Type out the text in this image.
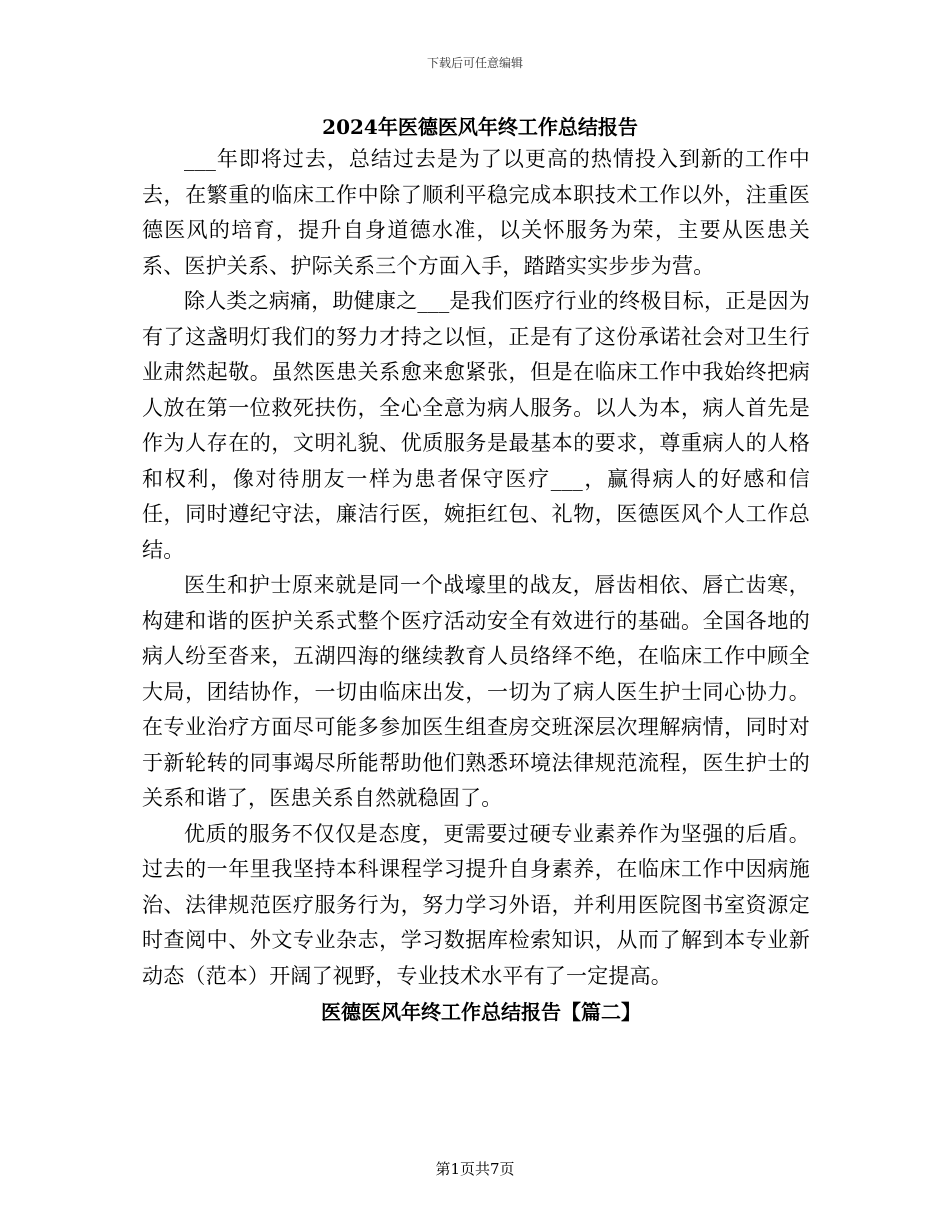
下载后可任意编辑
2024年医德医风年终工作总结报告

___年即将过去，总结过去是为了以更高的热情投入到新的工作中去，在繁重的临床工作中除了顺利平稳完成本职技术工作以外，注重医德医风的培育，提升自身道德水准，以关怀服务为荣，主要从医患关系、医护关系、护际关系三个方面入手，踏踏实实步步为营。

除人类之病痛，助健康之___是我们医疗行业的终极目标，正是因为有了这盏明灯我们的努力才持之以恒，正是有了这份承诺社会对卫生行业肃然起敬。虽然医患关系愈来愈紧张，但是在临床工作中我始终把病人放在第一位救死扶伤，全心全意为病人服务。以人为本，病人首先是作为人存在的，文明礼貌、优质服务是最基本的要求，尊重病人的人格和权利，像对待朋友一样为患者保守医疗___，赢得病人的好感和信任，同时遵纪守法，廉洁行医，婉拒红包、礼物，医德医风个人工作总结。

医生和护士原来就是同一个战壕里的战友，唇齿相依、唇亡齿寒，构建和谐的医护关系式整个医疗活动安全有效进行的基础。全国各地的病人纷至沓来，五湖四海的继续教育人员络绎不绝，在临床工作中顾全大局，团结协作，一切由临床出发，一切为了病人医生护士同心协力。在专业治疗方面尽可能多参加医生组查房交班深层次理解病情，同时对于新轮转的同事竭尽所能帮助他们熟悉环境法律规范流程，医生护士的关系和谐了，医患关系自然就稳固了。

优质的服务不仅仅是态度，更需要过硬专业素养作为坚强的后盾。过去的一年里我坚持本科课程学习提升自身素养，在临床工作中因病施治、法律规范医疗服务行为，努力学习外语，并利用医院图书室资源定时查阅中、外文专业杂志，学习数据库检索知识，从而了解到本专业新动态（范本）开阔了视野，专业技术水平有了一定提高。

医德医风年终工作总结报告【篇二】
第1页共7页
